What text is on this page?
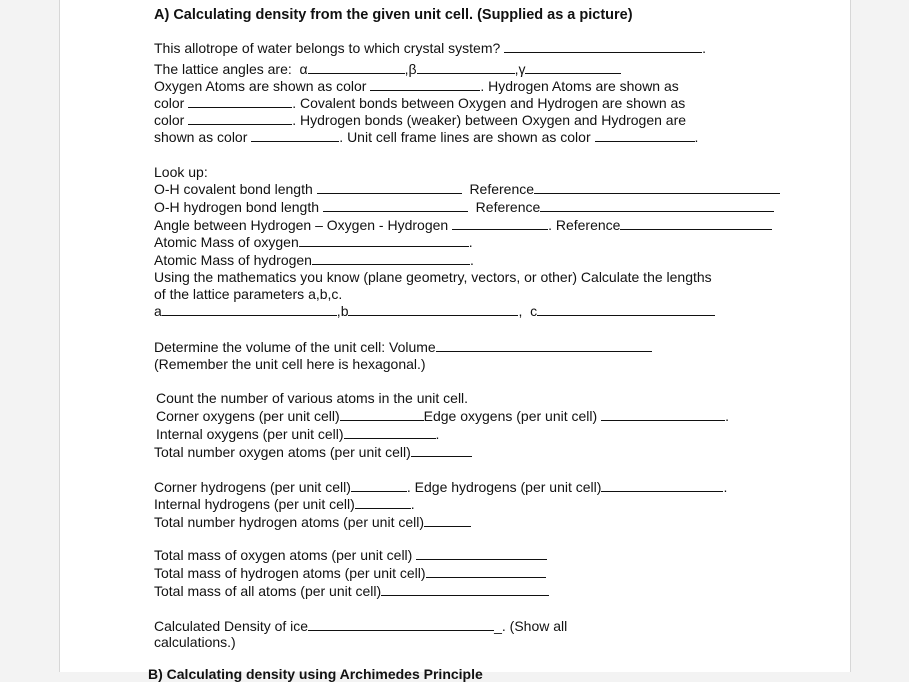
A) Calculating density from the given unit cell. (Supplied as a picture)
This allotrope of water belongs to which crystal system?	.
The lattice angles are: α	,β	,γ
Oxygen Atoms are shown as color	. Hydrogen Atoms are shown as
color	. Covalent bonds between Oxygen and Hydrogen are shown as
color	. Hydrogen bonds (weaker) between Oxygen and Hydrogen are
shown as color	. Unit cell frame lines are shown as color	.
Look up:
O-H covalent bond length	Reference
O-H hydrogen bond length	Reference
Angle between Hydrogen – Oxygen - Hydrogen	. Reference
Atomic Mass of oxygen	.
Atomic Mass of hydrogen	.
Using the mathematics you know (plane geometry, vectors, or other) Calculate the lengths
of the lattice parameters a,b,c.
a	,b	,  c
Determine the volume of the unit cell: Volume
(Remember the unit cell here is hexagonal.)
Count the number of various atoms in the unit cell.
Corner oxygens (per unit cell)	Edge oxygens (per unit cell)	.
Internal oxygens (per unit cell)	.
Total number oxygen atoms (per unit cell)
Corner hydrogens (per unit cell)	. Edge hydrogens (per unit cell)	.
Internal hydrogens (per unit cell)	.
Total number hydrogen atoms (per unit cell)
Total mass of oxygen atoms (per unit cell)
Total mass of hydrogen atoms (per unit cell)
Total mass of all atoms (per unit cell)
Calculated Density of ice	_. (Show all
calculations.)
B) Calculating density using Archimedes Principle
